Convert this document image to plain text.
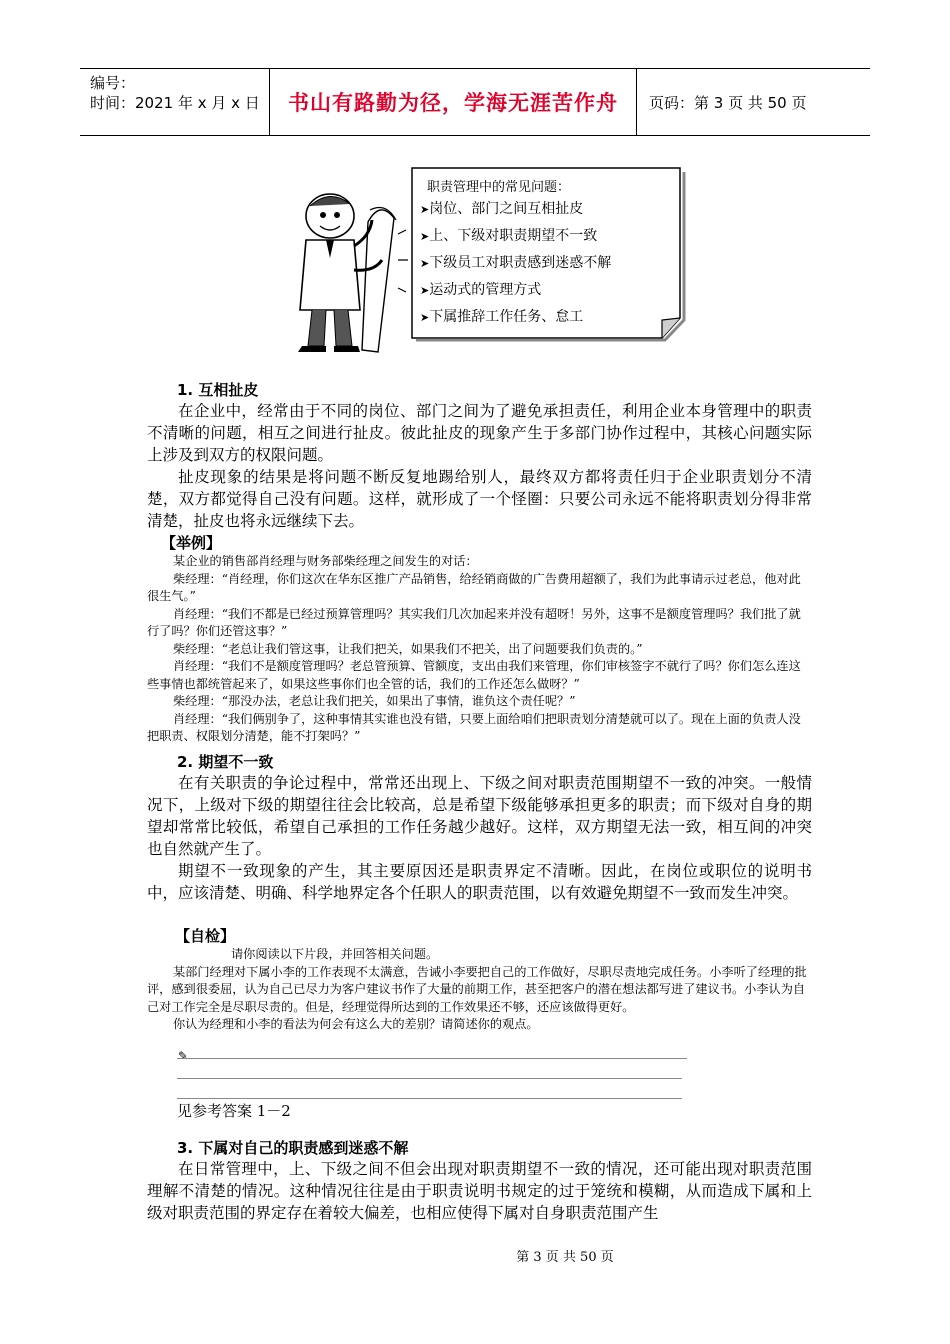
编号：
时间：2021 年 x 月 x 日	书山有路勤为径，学海无涯苦作舟	页码：第 3 页 共 50 页
职责管理中的常见问题：
➤岗位、部门之间互相扯皮
➤上、下级对职责期望不一致
➤下级员工对职责感到迷惑不解
➤运动式的管理方式
➤下属推辞工作任务、怠工
1. 互相扯皮

在企业中，经常由于不同的岗位、部门之间为了避免承担责任，利用企业本身管理中的职责不清晰的问题，相互之间进行扯皮。彼此扯皮的现象产生于多部门协作过程中，其核心问题实际上涉及到双方的权限问题。

扯皮现象的结果是将问题不断反复地踢给别人，最终双方都将责任归于企业职责划分不清楚，双方都觉得自己没有问题。这样，就形成了一个怪圈：只要公司永远不能将职责划分得非常清楚，扯皮也将永远继续下去。

【举例】

某企业的销售部肖经理与财务部柴经理之间发生的对话：

柴经理：“肖经理，你们这次在华东区推广产品销售，给经销商做的广告费用超额了，我们为此事请示过老总，他对此很生气。”

肖经理：“我们不都是已经过预算管理吗？其实我们几次加起来并没有超呀！另外，这事不是额度管理吗？我们批了就行了吗？你们还管这事？”

柴经理：“老总让我们管这事，让我们把关，如果我们不把关，出了问题要我们负责的。”

肖经理：“我们不是额度管理吗？老总管预算、管额度，支出由我们来管理，你们审核签字不就行了吗？你们怎么连这些事情也都统管起来了，如果这些事你们也全管的话，我们的工作还怎么做呀？”

柴经理：“那没办法，老总让我们把关，如果出了事情，谁负这个责任呢？”

肖经理：“我们俩别争了，这种事情其实谁也没有错，只要上面给咱们把职责划分清楚就可以了。现在上面的负责人没把职责、权限划分清楚，能不打架吗？”

2. 期望不一致

在有关职责的争论过程中，常常还出现上、下级之间对职责范围期望不一致的冲突。一般情况下，上级对下级的期望往往会比较高，总是希望下级能够承担更多的职责；而下级对自身的期望却常常比较低，希望自己承担的工作任务越少越好。这样，双方期望无法一致，相互间的冲突也自然就产生了。

期望不一致现象的产生，其主要原因还是职责界定不清晰。因此，在岗位或职位的说明书中，应该清楚、明确、科学地界定各个任职人的职责范围，以有效避免期望不一致而发生冲突。

【自检】

请你阅读以下片段，并回答相关问题。

某部门经理对下属小李的工作表现不太满意，告诫小李要把自己的工作做好，尽职尽责地完成任务。小李听了经理的批评，感到很委屈，认为自己已尽力为客户建议书作了大量的前期工作，甚至把客户的潜在想法都写进了建议书。小李认为自己对工作完全是尽职尽责的。但是，经理觉得所达到的工作效果还不够，还应该做得更好。

你认为经理和小李的看法为何会有这么大的差别？请简述你的观点。

✎
见参考答案 1－2
3. 下属对自己的职责感到迷惑不解

在日常管理中，上、下级之间不但会出现对职责期望不一致的情况，还可能出现对职责范围理解不清楚的情况。这种情况往往是由于职责说明书规定的过于笼统和模糊，从而造成下属和上级对职责范围的界定存在着较大偏差，也相应使得下属对自身职责范围产生

第 3 页 共 50 页
